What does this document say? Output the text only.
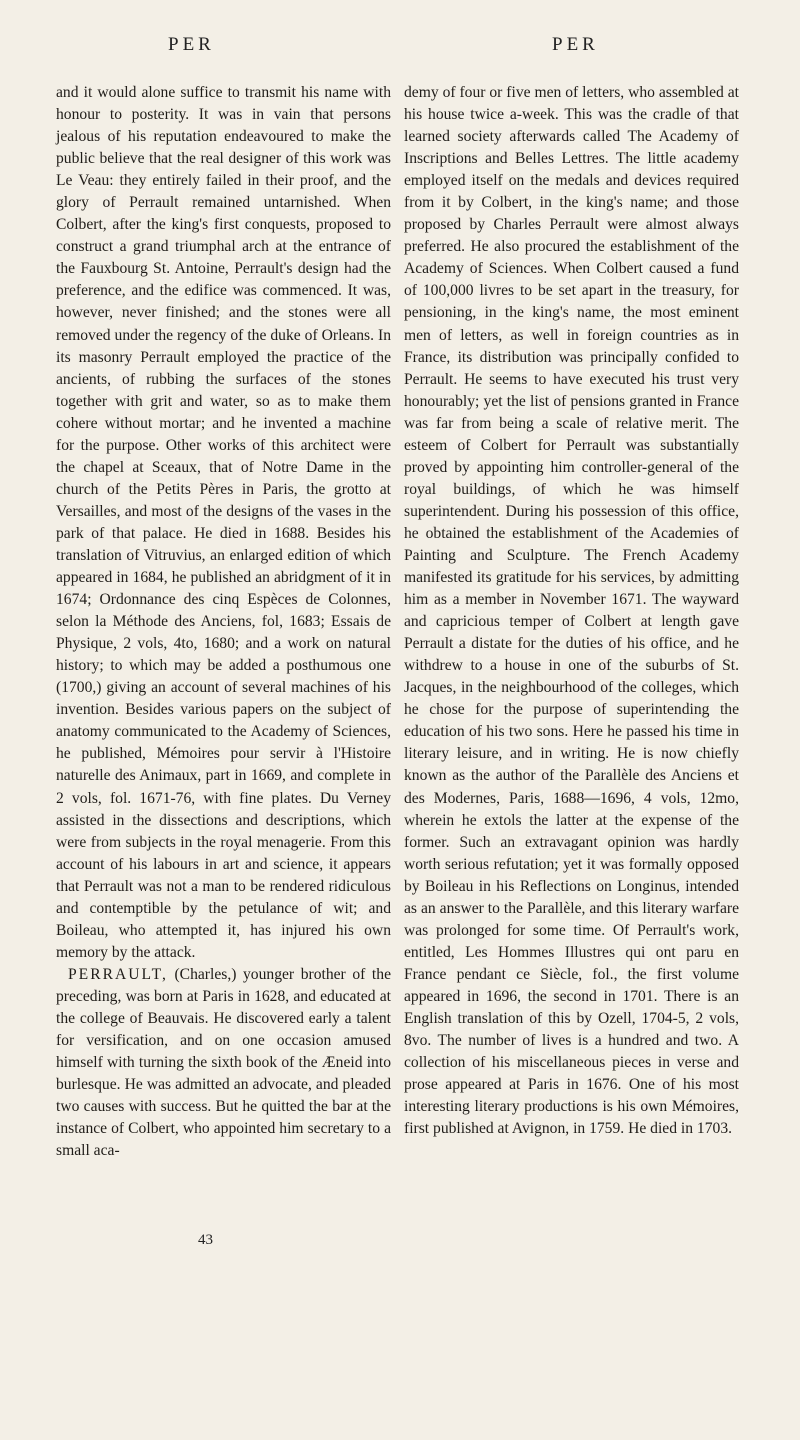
PER	PER

and it would alone suffice to transmit his name with honour to posterity. It was in vain that persons jealous of his reputation endeavoured to make the public believe that the real designer of this work was Le Veau: they entirely failed in their proof, and the glory of Perrault remained untarnished. When Colbert, after the king's first conquests, proposed to construct a grand triumphal arch at the entrance of the Fauxbourg St. Antoine, Perrault's design had the preference, and the edifice was commenced. It was, however, never finished; and the stones were all removed under the regency of the duke of Orleans. In its masonry Perrault employed the practice of the ancients, of rubbing the surfaces of the stones together with grit and water, so as to make them cohere without mortar; and he invented a machine for the purpose. Other works of this architect were the chapel at Sceaux, that of Notre Dame in the church of the Petits Pères in Paris, the grotto at Versailles, and most of the designs of the vases in the park of that palace. He died in 1688. Besides his translation of Vitruvius, an enlarged edition of which appeared in 1684, he published an abridgment of it in 1674; Ordonnance des cinq Espèces de Colonnes, selon la Méthode des Anciens, fol, 1683; Essais de Physique, 2 vols, 4to, 1680; and a work on natural history; to which may be added a posthumous one (1700,) giving an account of several machines of his invention. Besides various papers on the subject of anatomy communicated to the Academy of Sciences, he published, Mémoires pour servir à l'Histoire naturelle des Animaux, part in 1669, and complete in 2 vols, fol. 1671-76, with fine plates. Du Verney assisted in the dissections and descriptions, which were from subjects in the royal menagerie. From this account of his labours in art and science, it appears that Perrault was not a man to be rendered ridiculous and contemptible by the petulance of wit; and Boileau, who attempted it, has injured his own memory by the attack.

PERRAULT, (Charles,) younger brother of the preceding, was born at Paris in 1628, and educated at the college of Beauvais. He discovered early a talent for versification, and on one occasion amused himself with turning the sixth book of the Æneid into burlesque. He was admitted an advocate, and pleaded two causes with success. But he quitted the bar at the instance of Colbert, who appointed him secretary to a small aca-

demy of four or five men of letters, who assembled at his house twice a-week. This was the cradle of that learned society afterwards called The Academy of Inscriptions and Belles Lettres. The little academy employed itself on the medals and devices required from it by Colbert, in the king's name; and those proposed by Charles Perrault were almost always preferred. He also procured the establishment of the Academy of Sciences. When Colbert caused a fund of 100,000 livres to be set apart in the treasury, for pensioning, in the king's name, the most eminent men of letters, as well in foreign countries as in France, its distribution was principally confided to Perrault. He seems to have executed his trust very honourably; yet the list of pensions granted in France was far from being a scale of relative merit. The esteem of Colbert for Perrault was substantially proved by appointing him controller-general of the royal buildings, of which he was himself superintendent. During his possession of this office, he obtained the establishment of the Academies of Painting and Sculpture. The French Academy manifested its gratitude for his services, by admitting him as a member in November 1671. The wayward and capricious temper of Colbert at length gave Perrault a distate for the duties of his office, and he withdrew to a house in one of the suburbs of St. Jacques, in the neighbourhood of the colleges, which he chose for the purpose of superintending the education of his two sons. Here he passed his time in literary leisure, and in writing. He is now chiefly known as the author of the Parallèle des Anciens et des Modernes, Paris, 1688—1696, 4 vols, 12mo, wherein he extols the latter at the expense of the former. Such an extravagant opinion was hardly worth serious refutation; yet it was formally opposed by Boileau in his Reflections on Longinus, intended as an answer to the Parallèle, and this literary warfare was prolonged for some time. Of Perrault's work, entitled, Les Hommes Illustres qui ont paru en France pendant ce Siècle, fol., the first volume appeared in 1696, the second in 1701. There is an English translation of this by Ozell, 1704-5, 2 vols, 8vo. The number of lives is a hundred and two. A collection of his miscellaneous pieces in verse and prose appeared at Paris in 1676. One of his most interesting literary productions is his own Mémoires, first published at Avignon, in 1759. He died in 1703.

43
